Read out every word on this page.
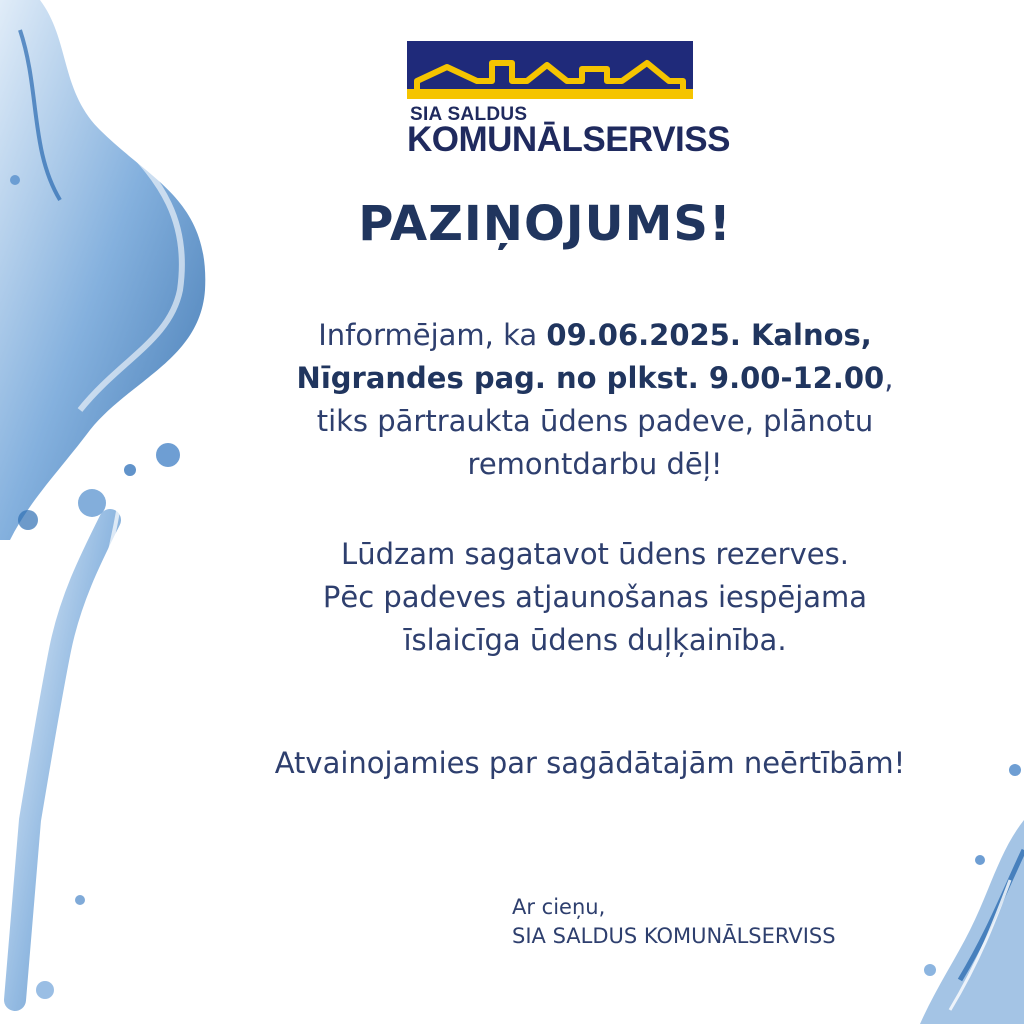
SIA SALDUS
KOMUNĀLSERVISS
PAZIŅOJUMS!
Informējam, ka 09.06.2025. Kalnos,
Nīgrandes pag. no plkst. 9.00-12.00,
tiks pārtraukta ūdens padeve, plānotu
remontdarbu dēļ!
Lūdzam sagatavot ūdens rezerves.
Pēc padeves atjaunošanas iespējama
īslaicīga ūdens duļķainība.
Atvainojamies par sagādātajām neērtībām!
Ar cieņu,
SIA SALDUS KOMUNĀLSERVISS
